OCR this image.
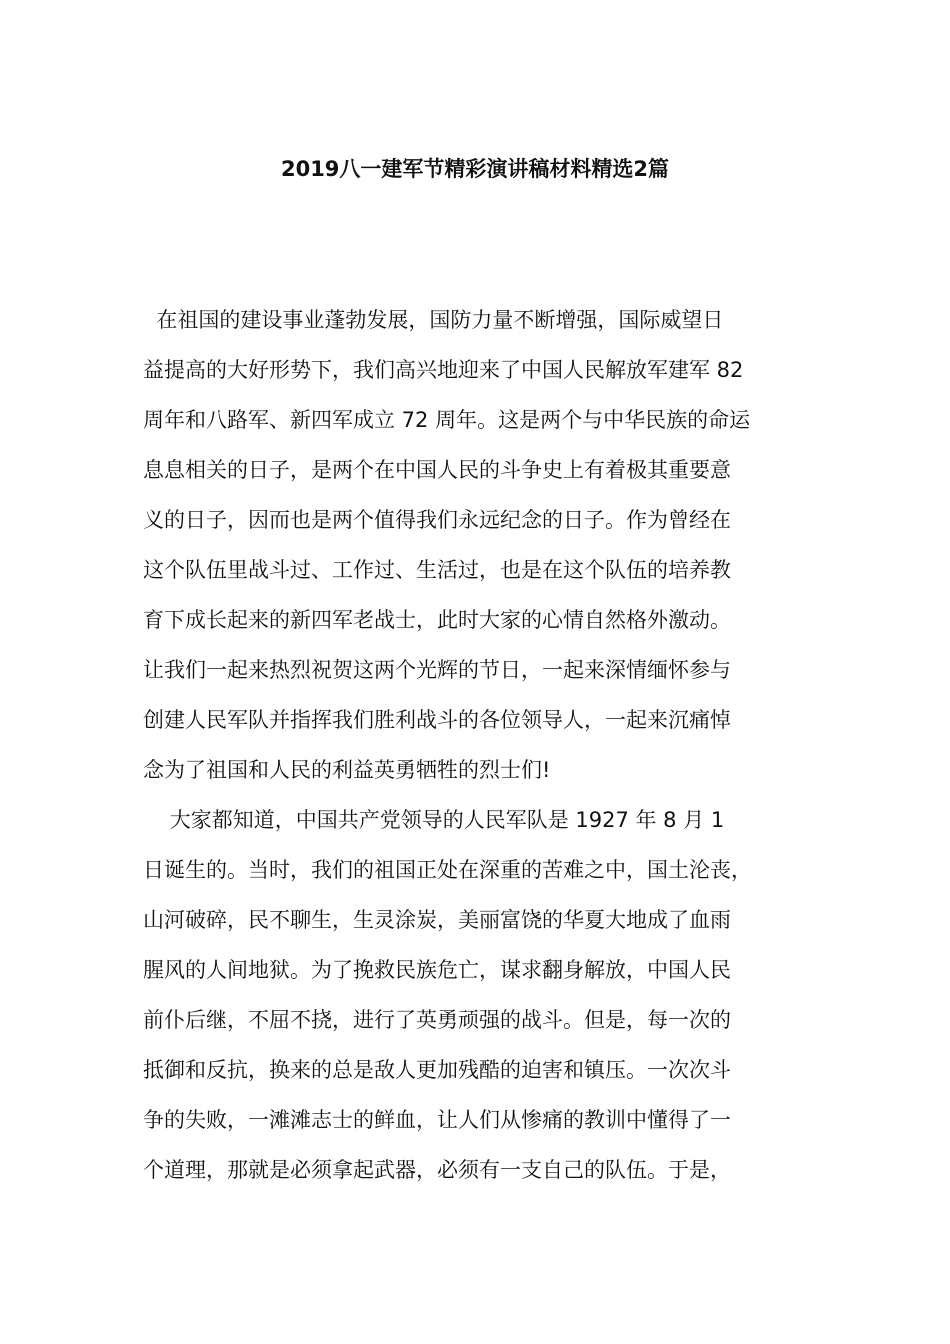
2019八一建军节精彩演讲稿材料精选2篇
在祖国的建设事业蓬勃发展，国防力量不断增强，国际威望日
益提高的大好形势下，我们高兴地迎来了中国人民解放军建军 82
周年和八路军、新四军成立 72 周年。这是两个与中华民族的命运
息息相关的日子，是两个在中国人民的斗争史上有着极其重要意
义的日子，因而也是两个值得我们永远纪念的日子。作为曾经在
这个队伍里战斗过、工作过、生活过，也是在这个队伍的培养教
育下成长起来的新四军老战士，此时大家的心情自然格外激动。
让我们一起来热烈祝贺这两个光辉的节日，一起来深情缅怀参与
创建人民军队并指挥我们胜利战斗的各位领导人，一起来沉痛悼
念为了祖国和人民的利益英勇牺牲的烈士们!
大家都知道，中国共产党领导的人民军队是 1927 年 8 月 1
日诞生的。当时，我们的祖国正处在深重的苦难之中，国土沦丧，
山河破碎，民不聊生，生灵涂炭，美丽富饶的华夏大地成了血雨
腥风的人间地狱。为了挽救民族危亡，谋求翻身解放，中国人民
前仆后继，不屈不挠，进行了英勇顽强的战斗。但是，每一次的
抵御和反抗，换来的总是敌人更加残酷的迫害和镇压。一次次斗
争的失败，一滩滩志士的鲜血，让人们从惨痛的教训中懂得了一
个道理，那就是必须拿起武器，必须有一支自己的队伍。于是，
